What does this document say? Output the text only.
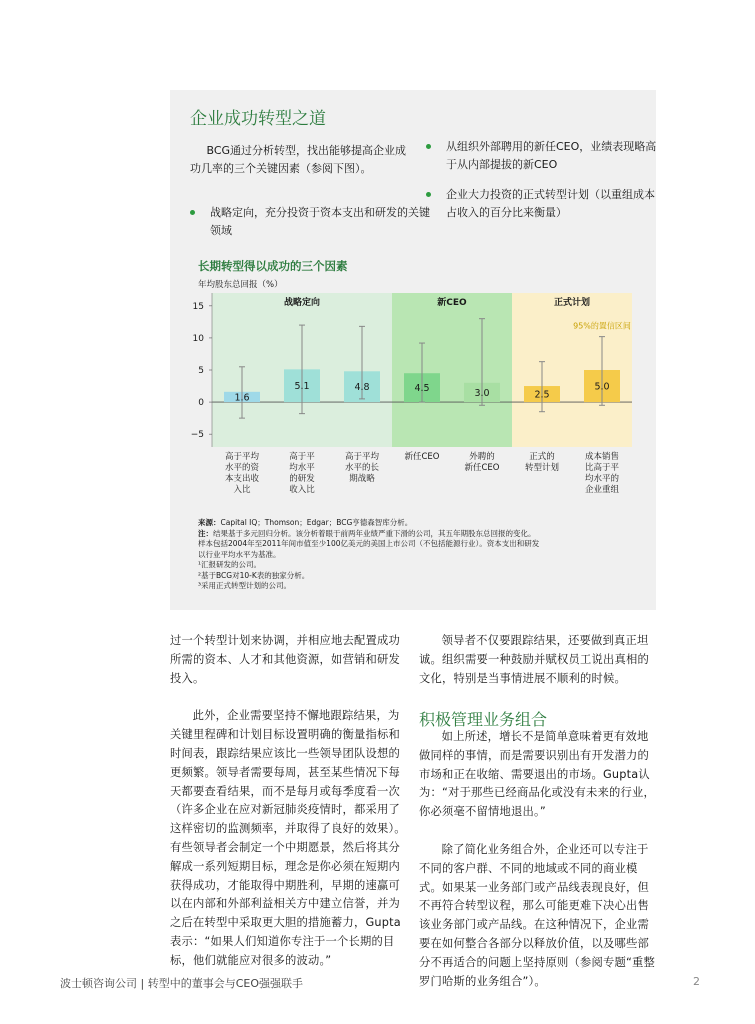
企业成功转型之道
BCG通过分析转型，找出能够提高企业成功几率的三个关键因素（参阅下图）。
战略定向，充分投资于资本支出和研发的关键领域
从组织外部聘用的新任CEO，业绩表现略高于从内部提拔的新CEO
企业大力投资的正式转型计划（以重组成本占收入的百分比来衡量）
长期转型得以成功的三个因素
年均股东总回报（%）
战略定向	新CEO	正式计划
15
10
5
0
−5
1.6
高于平均
水平的资
本支出收
入比
5.1
高于平
均水平
的研发
收入比
4.8
高于平均
水平的长
期战略
4.5
新任CEO
3.0
外聘的
新任CEO
2.5
正式的
转型计划
5.0
成本销售
比高于平
均水平的
企业重组
95%的置信区间
来源：Capital IQ；Thomson；Edgar；BCG亨德森智库分析。
注：结果基于多元回归分析。该分析着眼于前两年业绩严重下滑的公司，其五年期股东总回报的变化。
样本包括2004年至2011年间市值至少100亿美元的美国上市公司（不包括能源行业）。资本支出和研发
以行业平均水平为基准。
¹汇报研发的公司。
²基于BCG对10-K表的独家分析。
³采用正式转型计划的公司。

过一个转型计划来协调，并相应地去配置成功所需的资本、人才和其他资源，如营销和研发投入。

此外，企业需要坚持不懈地跟踪结果，为关键里程碑和计划目标设置明确的衡量指标和时间表，跟踪结果应该比一些领导团队设想的更频繁。领导者需要每周，甚至某些情况下每天都要查看结果，而不是每月或每季度看一次（许多企业在应对新冠肺炎疫情时，都采用了这样密切的监测频率，并取得了良好的效果）。有些领导者会制定一个中期愿景，然后将其分解成一系列短期目标，理念是你必须在短期内获得成功，才能取得中期胜利，早期的速赢可以在内部和外部利益相关方中建立信誉，并为之后在转型中采取更大胆的措施蓄力，Gupta表示：“如果人们知道你专注于一个长期的目标，他们就能应对很多的波动。”

领导者不仅要跟踪结果，还要做到真正坦诚。组织需要一种鼓励并赋权员工说出真相的文化，特别是当事情进展不顺利的时候。

积极管理业务组合

如上所述，增长不是简单意味着更有效地做同样的事情，而是需要识别出有开发潜力的市场和正在收缩、需要退出的市场。Gupta认为：“对于那些已经商品化或没有未来的行业，你必须毫不留情地退出。”

除了简化业务组合外，企业还可以专注于不同的客户群、不同的地域或不同的商业模式。如果某一业务部门或产品线表现良好，但不再符合转型议程，那么可能更难下决心出售该业务部门或产品线。在这种情况下，企业需要在如何整合各部分以释放价值，以及哪些部分不再适合的问题上坚持原则（参阅专题“重整罗门哈斯的业务组合”）。

波士顿咨询公司 | 转型中的董事会与CEO强强联手	2
